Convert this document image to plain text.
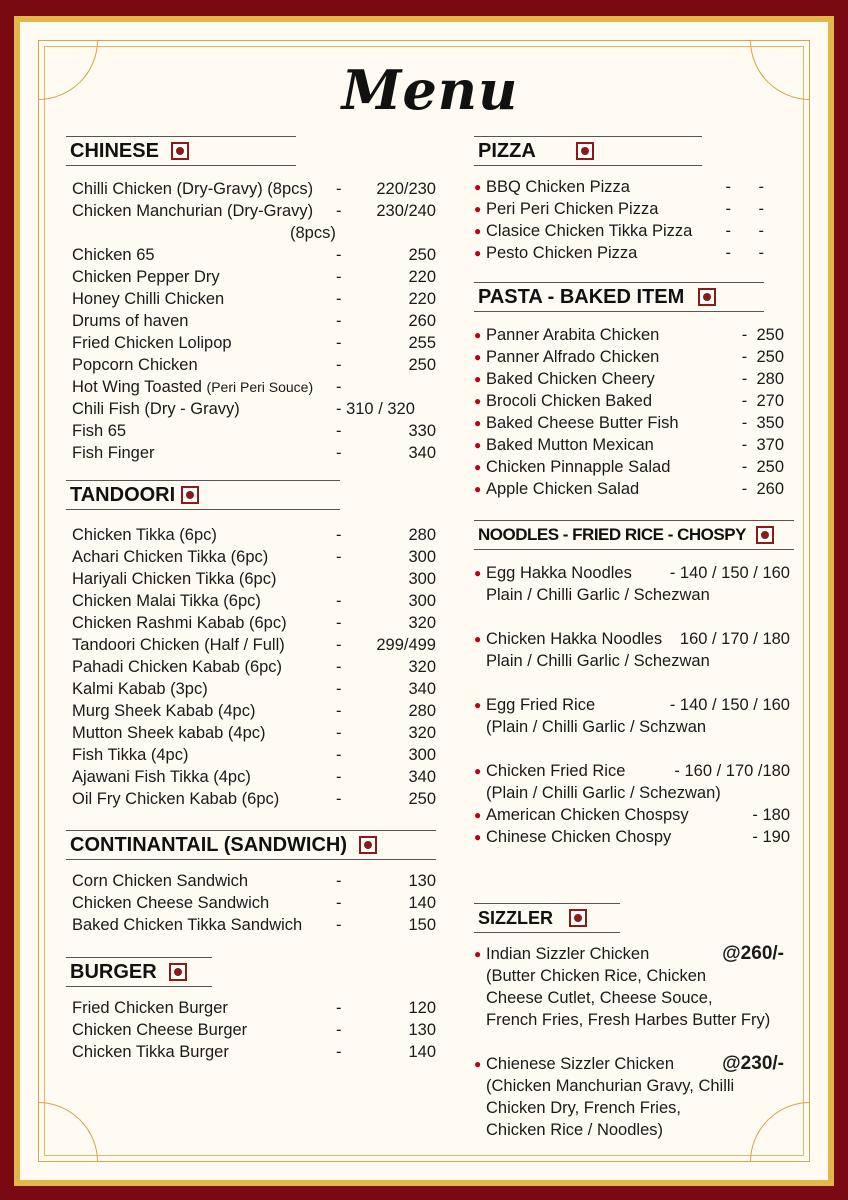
Menu
CHINESE
Chilli Chicken (Dry-Gravy) (8pcs)	-	220/230
Chicken Manchurian (Dry-Gravy)	-	230/240
(8pcs)
Chicken 65	-	250
Chicken Pepper Dry	-	220
Honey Chilli Chicken	-	220
Drums of haven	-	260
Fried Chicken Lolipop	-	255
Popcorn Chicken	-	250
Hot Wing Toasted (Peri Peri Souce)	-
Chili Fish (Dry - Gravy)	- 310 / 320
Fish 65	-	330
Fish Finger	-	340
TANDOORI
Chicken Tikka (6pc)	-	280
Achari Chicken Tikka (6pc)	-	300
Hariyali Chicken Tikka (6pc)	300
Chicken Malai Tikka (6pc)	-	300
Chicken Rashmi Kabab (6pc)	-	320
Tandoori Chicken (Half / Full)	-	299/499
Pahadi Chicken Kabab (6pc)	-	320
Kalmi Kabab (3pc)	-	340
Murg Sheek Kabab (4pc)	-	280
Mutton Sheek kabab (4pc)	-	320
Fish Tikka (4pc)	-	300
Ajawani Fish Tikka (4pc)	-	340
Oil Fry Chicken Kabab (6pc)	-	250
CONTINANTAIL (SANDWICH)
Corn Chicken Sandwich	-	130
Chicken Cheese Sandwich	-	140
Baked Chicken Tikka Sandwich	-	150
BURGER
Fried Chicken Burger	-	120
Chicken Cheese Burger	-	130
Chicken Tikka Burger	-	140
PIZZA
● BBQ Chicken Pizza	-      -
● Peri Peri Chicken Pizza	-      -
● Clasice Chicken Tikka Pizza	-      -
● Pesto Chicken Pizza	-      -
PASTA - BAKED ITEM
● Panner Arabita Chicken	-  250
● Panner Alfrado Chicken	-  250
● Baked Chicken Cheery	-  280
● Brocoli Chicken Baked	-  270
● Baked Cheese Butter Fish	-  350
● Baked Mutton Mexican	-  370
● Chicken Pinnapple Salad	-  250
● Apple Chicken Salad	-  260
NOODLES - FRIED RICE - CHOSPY
● Egg Hakka Noodles	- 140 / 150 / 160
Plain / Chilli Garlic / Schezwan
● Chicken Hakka Noodles	160 / 170 / 180
Plain / Chilli Garlic / Schezwan
● Egg Fried Rice	- 140 / 150 / 160
(Plain / Chilli Garlic / Schzwan
● Chicken Fried Rice	- 160 / 170 /180
(Plain / Chilli Garlic / Schezwan)
● American Chicken Chospsy	- 180
● Chinese Chicken Chospy	- 190
SIZZLER
● Indian Sizzler Chicken	@260/-
(Butter Chicken Rice, Chicken
Cheese Cutlet, Cheese Souce,
French Fries, Fresh Harbes Butter Fry)
● Chienese Sizzler Chicken	@230/-
(Chicken Manchurian Gravy, Chilli
Chicken Dry, French Fries,
Chicken Rice / Noodles)
